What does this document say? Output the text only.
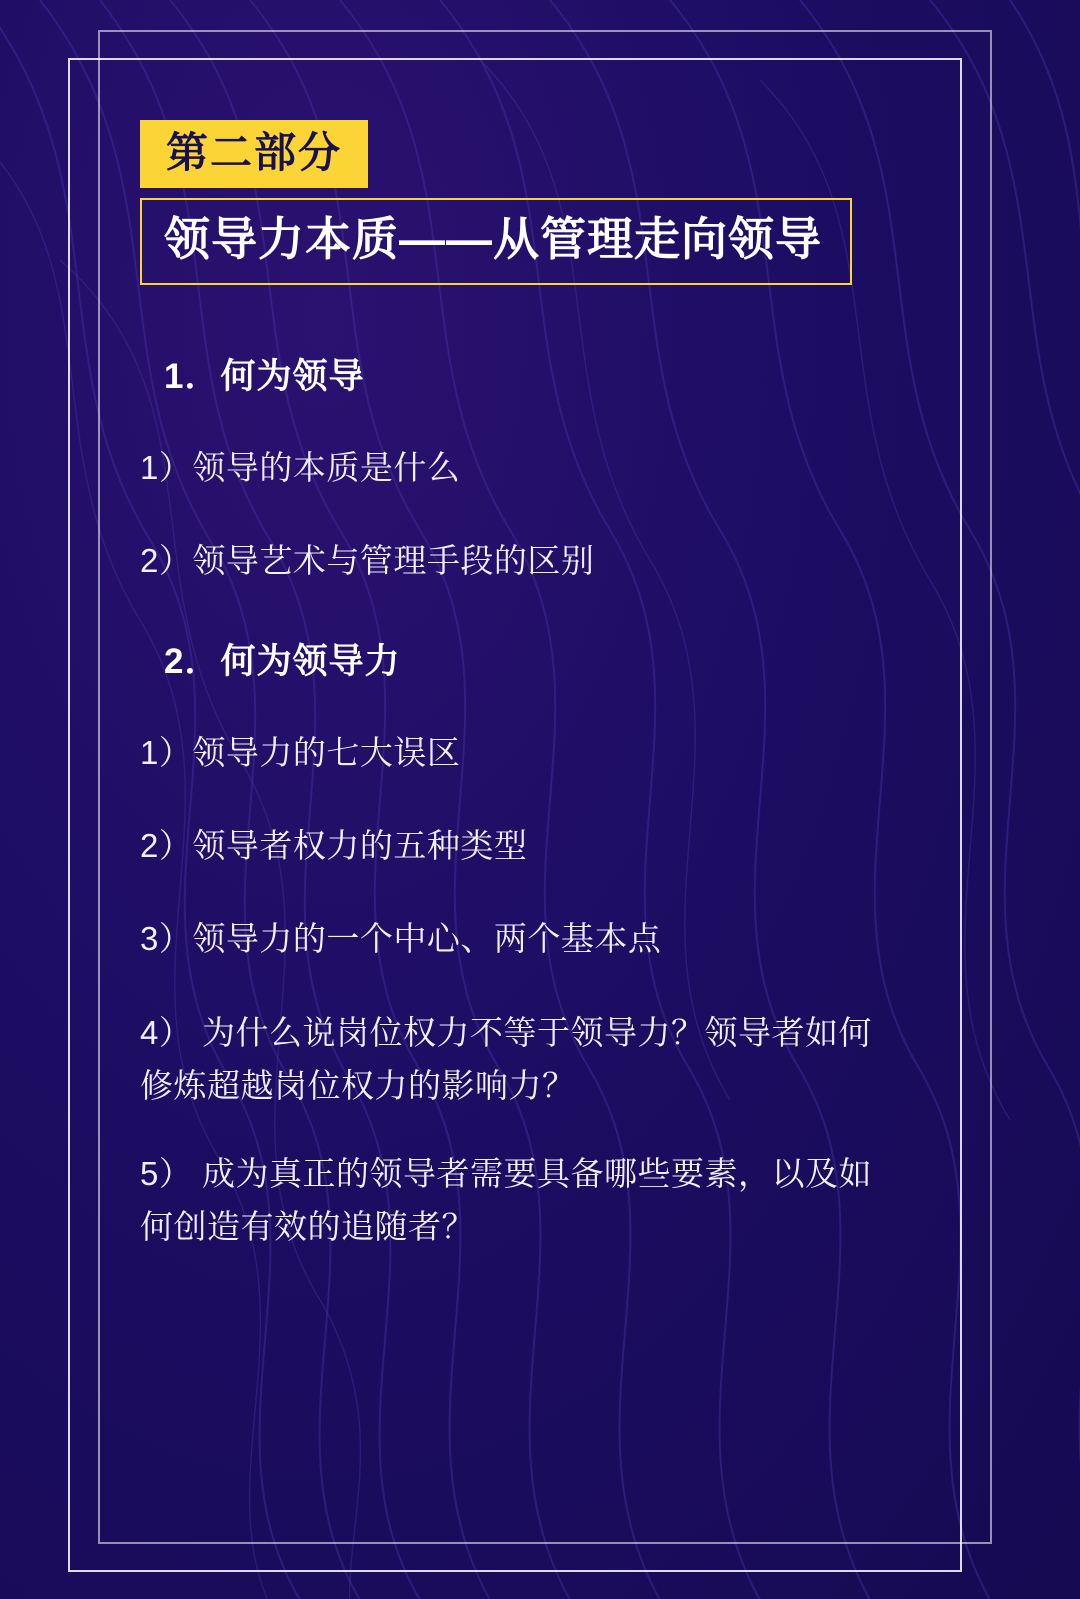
第二部分
领导力本质——从管理走向领导
1．何为领导
1）领导的本质是什么
2）领导艺术与管理手段的区别
2．何为领导力
1）领导力的七大误区
2）领导者权力的五种类型
3）领导力的一个中心、两个基本点
4） 为什么说岗位权力不等于领导力？领导者如何修炼超越岗位权力的影响力？
5） 成为真正的领导者需要具备哪些要素，以及如何创造有效的追随者？
